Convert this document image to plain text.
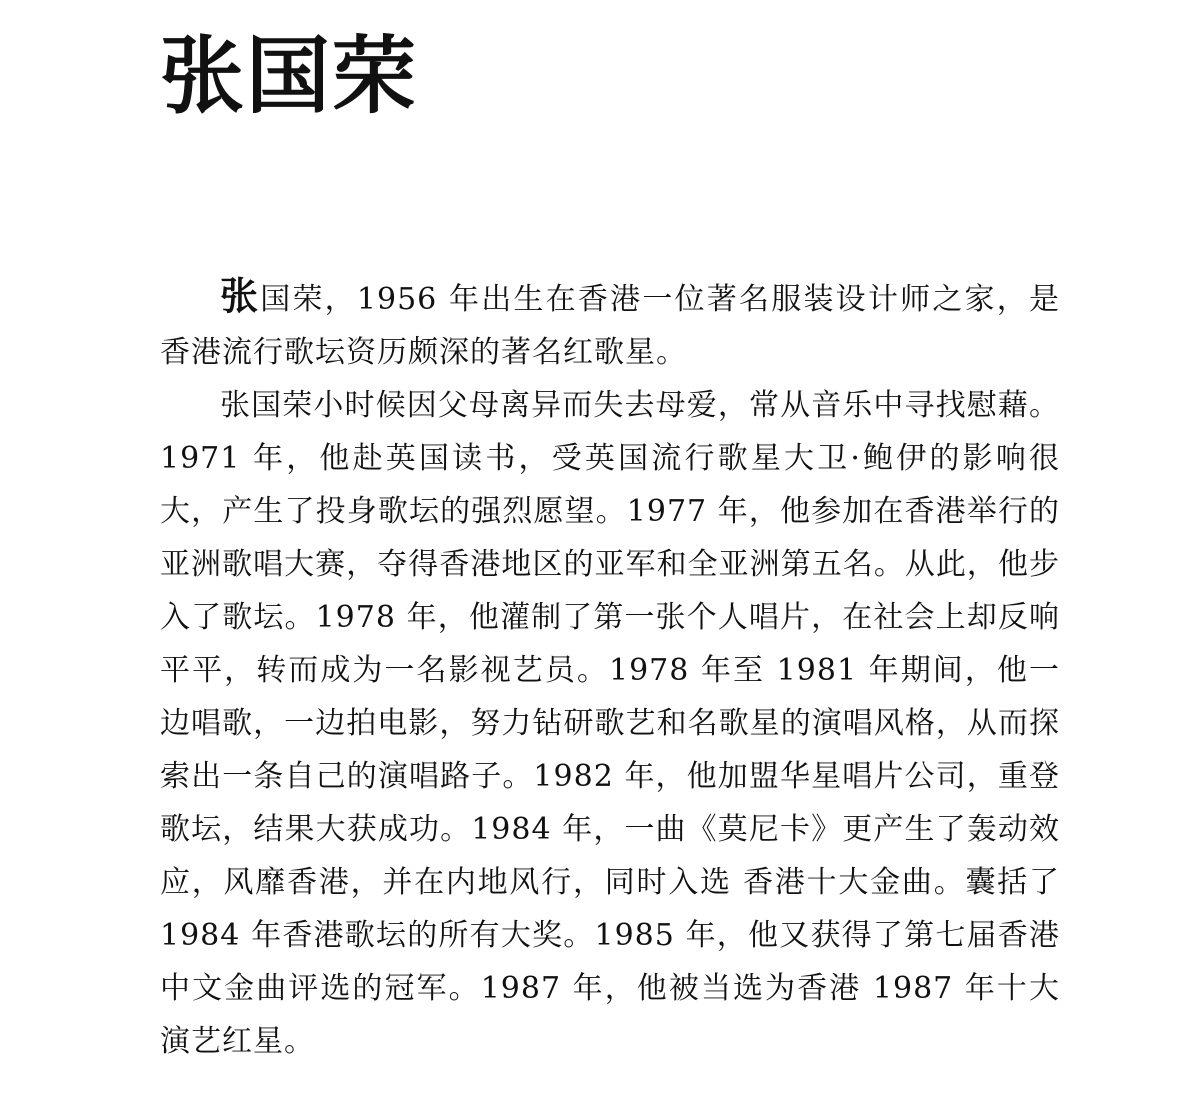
张国荣

张国荣，1956 年出生在香港一位著名服装设计师之家，是香港流行歌坛资历颇深的著名红歌星。

张国荣小时候因父母离异而失去母爱，常从音乐中寻找慰藉。1971 年，他赴英国读书，受英国流行歌星大卫·鲍伊的影响很大，产生了投身歌坛的强烈愿望。1977 年，他参加在香港举行的亚洲歌唱大赛，夺得香港地区的亚军和全亚洲第五名。从此，他步入了歌坛。1978 年，他灌制了第一张个人唱片，在社会上却反响平平，转而成为一名影视艺员。1978 年至 1981 年期间，他一边唱歌，一边拍电影，努力钻研歌艺和名歌星的演唱风格，从而探索出一条自己的演唱路子。1982 年，他加盟华星唱片公司，重登歌坛，结果大获成功。1984 年，一曲《莫尼卡》更产生了轰动效应，风靡香港，并在内地风行，同时入选 香港十大金曲。囊括了 1984 年香港歌坛的所有大奖。1985 年，他又获得了第七届香港中文金曲评选的冠军。1987 年，他被当选为香港 1987 年十大演艺红星。
